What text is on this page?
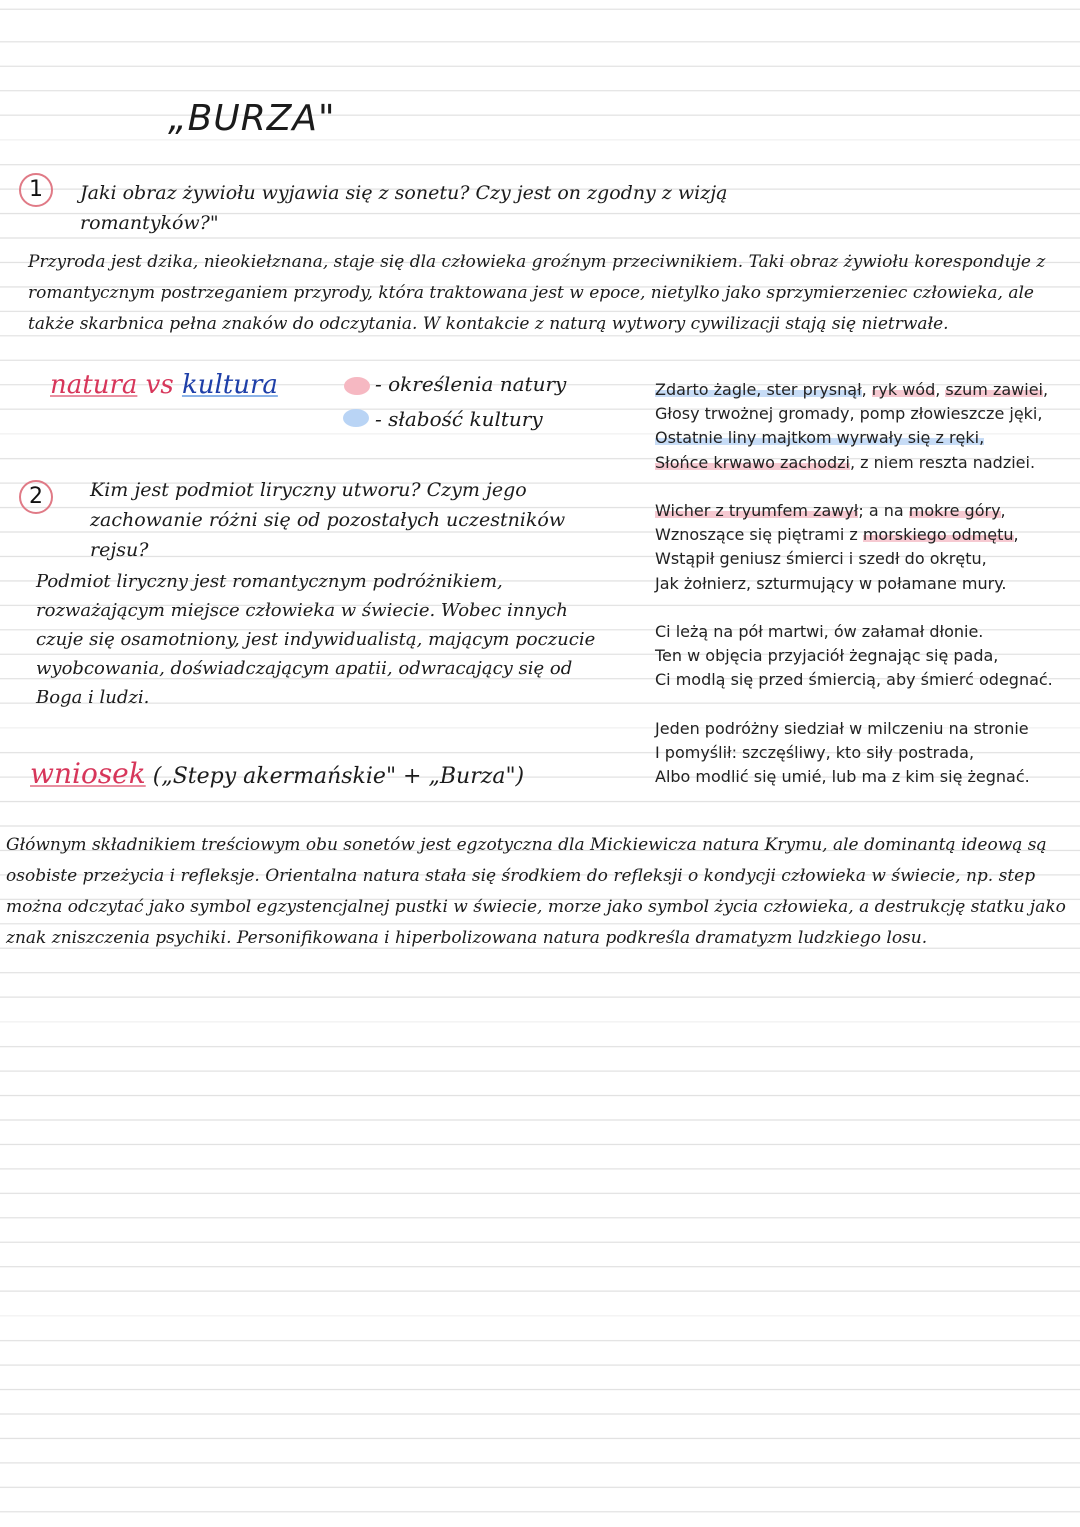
„BURZA"
1	Jaki obraz żywiołu wyjawia się z sonetu? Czy jest on zgodny z wizją romantyków?"
Przyroda jest dzika, nieokiełznana, staje się dla człowieka groźnym przeciwnikiem. Taki obraz żywiołu koresponduje z romantycznym postrzeganiem przyrody, która traktowana jest w epoce, nietylko jako sprzymierzeniec człowieka, ale także skarbnica pełna znaków do odczytania. W kontakcie z naturą wytwory cywilizacji stają się nietrwałe.
natura vs kultura	- określenia natury
- słabość kultury
2	Kim jest podmiot liryczny utworu? Czym jego zachowanie różni się od pozostałych uczestników rejsu?
Podmiot liryczny jest romantycznym podróżnikiem, rozważającym miejsce człowieka w świecie. Wobec innych czuje się osamotniony, jest indywidualistą, mającym poczucie wyobcowania, doświadczającym apatii, odwracający się od Boga i ludzi.
wniosek („Stepy akermańskie" + „Burza")
Głównym składnikiem treściowym obu sonetów jest egzotyczna dla Mickiewicza natura Krymu, ale dominantą ideową są osobiste przeżycia i refleksje. Orientalna natura stała się środkiem do refleksji o kondycji człowieka w świecie, np. step można odczytać jako symbol egzystencjalnej pustki w świecie, morze jako symbol życia człowieka, a destrukcję statku jako znak zniszczenia psychiki. Personifikowana i hiperbolizowana natura podkreśla dramatyzm ludzkiego losu.
Zdarto żagle, ster prysnął, ryk wód, szum zawiei,
Głosy trwożnej gromady, pomp złowieszcze jęki,
Ostatnie liny majtkom wyrwały się z ręki,
Słońce krwawo zachodzi, z niem reszta nadziei.
Wicher z tryumfem zawył; a na mokre góry,
Wznoszące się piętrami z morskiego odmętu,
Wstąpił geniusz śmierci i szedł do okrętu,
Jak żołnierz, szturmujący w połamane mury.
Ci leżą na pół martwi, ów załamał dłonie.
Ten w objęcia przyjaciół żegnając się pada,
Ci modlą się przed śmiercią, aby śmierć odegnać.
Jeden podróżny siedział w milczeniu na stronie
I pomyślił: szczęśliwy, kto siły postrada,
Albo modlić się umié, lub ma z kim się żegnać.
